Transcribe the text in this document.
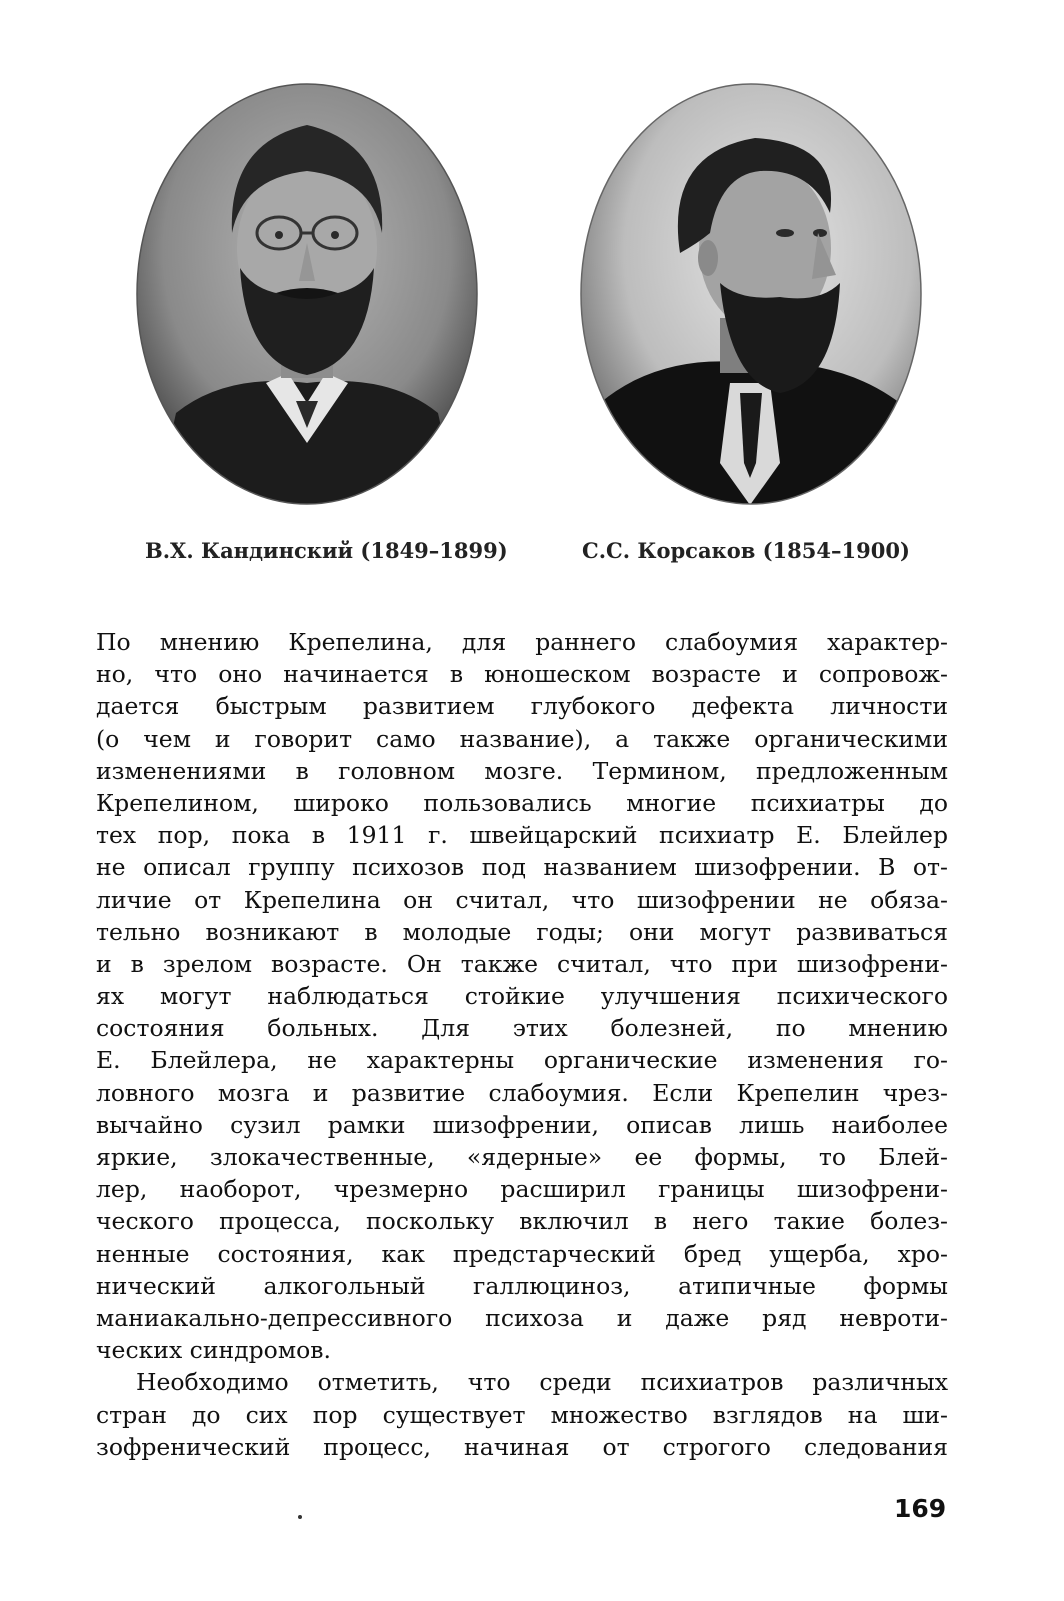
В.Х. Кандинский (1849–1899)	С.С. Корсаков (1854–1900)
По мнению Крепелина, для раннего слабоумия характер-
но, что оно начинается в юношеском возрасте и сопровож-
дается быстрым развитием глубокого дефекта личности
(о чем и говорит само название), а также органическими
изменениями в головном мозге. Термином, предложенным
Крепелином, широко пользовались многие психиатры до
тех пор, пока в 1911 г. швейцарский психиатр Е. Блейлер
не описал группу психозов под названием шизофрении. В от-
личие от Крепелина он считал, что шизофрении не обяза-
тельно возникают в молодые годы; они могут развиваться
и в зрелом возрасте. Он также считал, что при шизофрени-
ях могут наблюдаться стойкие улучшения психического
состояния больных. Для этих болезней, по мнению
Е. Блейлера, не характерны органические изменения го-
ловного мозга и развитие слабоумия. Если Крепелин чрез-
вычайно сузил рамки шизофрении, описав лишь наиболее
яркие, злокачественные, «ядерные» ее формы, то Блей-
лер, наоборот, чрезмерно расширил границы шизофрени-
ческого процесса, поскольку включил в него такие болез-
ненные состояния, как предстарческий бред ущерба, хро-
нический алкогольный галлюциноз, атипичные формы
маниакально-депрессивного психоза и даже ряд невроти-
ческих синдромов.
Необходимо отметить, что среди психиатров различных
стран до сих пор существует множество взглядов на ши-
зофренический процесс, начиная от строгого следования
169
